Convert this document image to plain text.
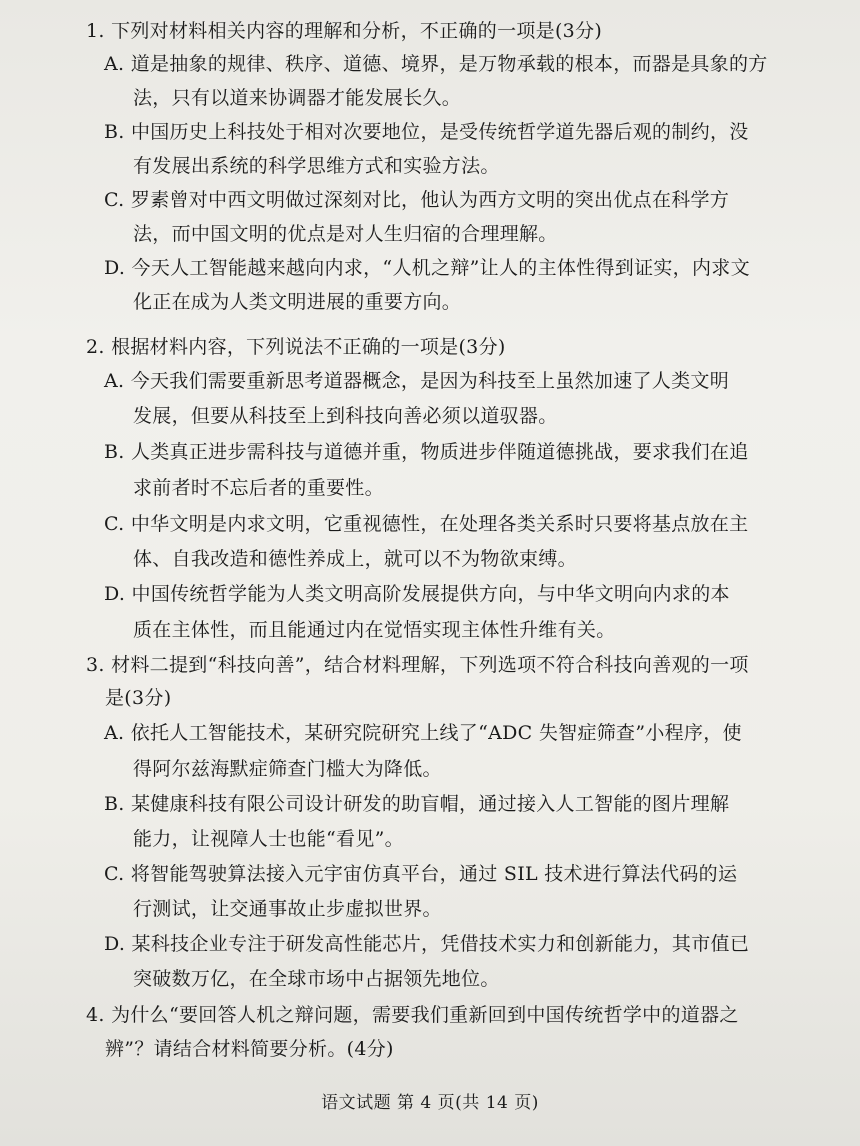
1. 下列对材料相关内容的理解和分析，不正确的一项是(3分)
A. 道是抽象的规律、秩序、道德、境界，是万物承载的根本，而器是具象的方
法，只有以道来协调器才能发展长久。
B. 中国历史上科技处于相对次要地位，是受传统哲学道先器后观的制约，没
有发展出系统的科学思维方式和实验方法。
C. 罗素曾对中西文明做过深刻对比，他认为西方文明的突出优点在科学方
法，而中国文明的优点是对人生归宿的合理理解。
D. 今天人工智能越来越向内求，“人机之辩”让人的主体性得到证实，内求文
化正在成为人类文明进展的重要方向。
2. 根据材料内容，下列说法不正确的一项是(3分)
A. 今天我们需要重新思考道器概念，是因为科技至上虽然加速了人类文明
发展，但要从科技至上到科技向善必须以道驭器。
B. 人类真正进步需科技与道德并重，物质进步伴随道德挑战，要求我们在追
求前者时不忘后者的重要性。
C. 中华文明是内求文明，它重视德性，在处理各类关系时只要将基点放在主
体、自我改造和德性养成上，就可以不为物欲束缚。
D. 中国传统哲学能为人类文明高阶发展提供方向，与中华文明向内求的本
质在主体性，而且能通过内在觉悟实现主体性升维有关。
3. 材料二提到“科技向善”，结合材料理解，下列选项不符合科技向善观的一项
是(3分)
A. 依托人工智能技术，某研究院研究上线了“ADC 失智症筛查”小程序，使
得阿尔兹海默症筛查门槛大为降低。
B. 某健康科技有限公司设计研发的助盲帽，通过接入人工智能的图片理解
能力，让视障人士也能“看见”。
C. 将智能驾驶算法接入元宇宙仿真平台，通过 SIL 技术进行算法代码的运
行测试，让交通事故止步虚拟世界。
D. 某科技企业专注于研发高性能芯片，凭借技术实力和创新能力，其市值已
突破数万亿，在全球市场中占据领先地位。
4. 为什么“要回答人机之辩问题，需要我们重新回到中国传统哲学中的道器之
辨”？请结合材料简要分析。(4分)
语文试题 第 4 页(共 14 页)
